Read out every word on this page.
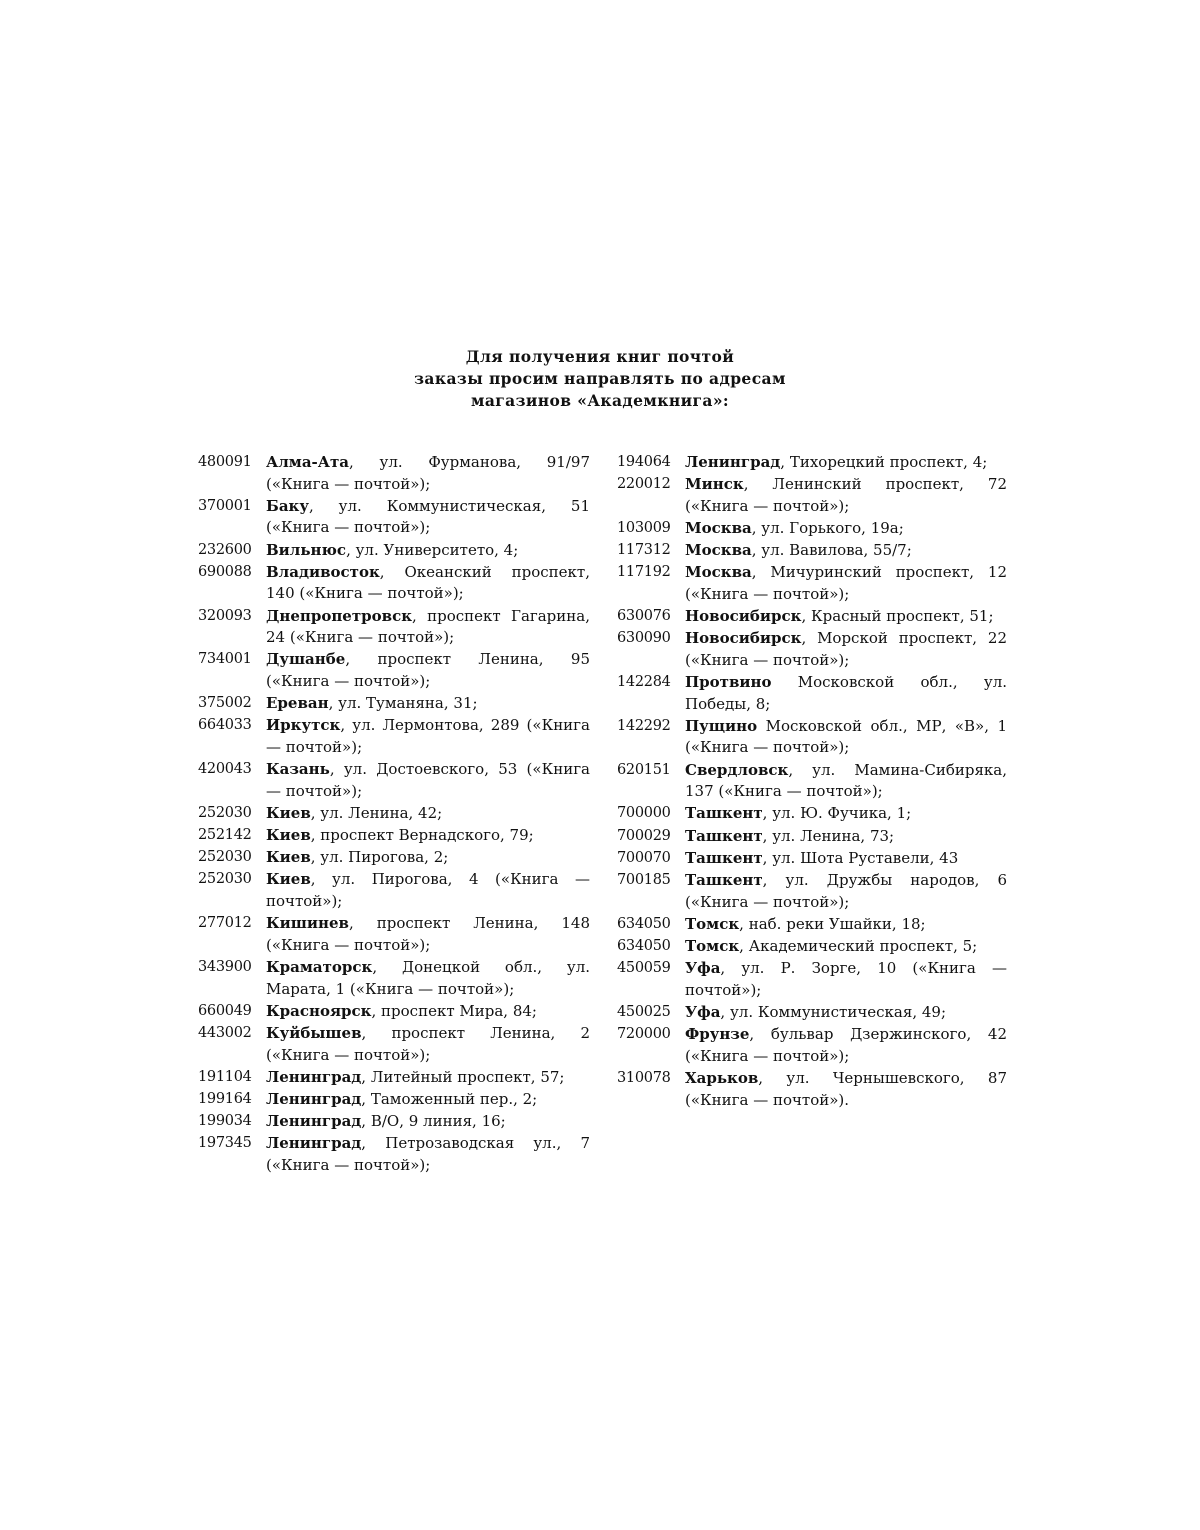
Для получения книг почтой
заказы просим направлять по адресам
магазинов «Академкнига»:
480091 Алма-Ата, ул. Фурманова, 91/97 («Книга — почтой»);
370001 Баку, ул. Коммунистическая, 51 («Книга — почтой»);
232600 Вильнюс, ул. Университето, 4;
690088 Владивосток, Океанский проспект, 140 («Книга — почтой»);
320093 Днепропетровск, проспект Гагарина, 24 («Книга — почтой»);
734001 Душанбе, проспект Ленина, 95 («Книга — почтой»);
375002 Ереван, ул. Туманяна, 31;
664033 Иркутск, ул. Лермонтова, 289 («Книга — почтой»);
420043 Казань, ул. Достоевского, 53 («Книга — почтой»);
252030 Киев, ул. Ленина, 42;
252142 Киев, проспект Вернадского, 79;
252030 Киев, ул. Пирогова, 2;
252030 Киев, ул. Пирогова, 4 («Книга — почтой»);
277012 Кишинев, проспект Ленина, 148 («Книга — почтой»);
343900 Краматорск, Донецкой обл., ул. Марата, 1 («Книга — почтой»);
660049 Красноярск, проспект Мира, 84;
443002 Куйбышев, проспект Ленина, 2 («Книга — почтой»);
191104 Ленинград, Литейный проспект, 57;
199164 Ленинград, Таможенный пер., 2;
199034 Ленинград, В/О, 9 линия, 16;
197345 Ленинград, Петрозаводская ул., 7 («Книга — почтой»);
194064 Ленинград, Тихорецкий проспект, 4;
220012 Минск, Ленинский проспект, 72 («Книга — почтой»);
103009 Москва, ул. Горького, 19а;
117312 Москва, ул. Вавилова, 55/7;
117192 Москва, Мичуринский проспект, 12 («Книга — почтой»);
630076 Новосибирск, Красный проспект, 51;
630090 Новосибирск, Морской проспект, 22 («Книга — почтой»);
142284 Протвино Московской обл., ул. Победы, 8;
142292 Пущино Московской обл., МР, «В», 1 («Книга — почтой»);
620151 Свердловск, ул. Мамина-Сибиряка, 137 («Книга — почтой»);
700000 Ташкент, ул. Ю. Фучика, 1;
700029 Ташкент, ул. Ленина, 73;
700070 Ташкент, ул. Шота Руставели, 43
700185 Ташкент, ул. Дружбы народов, 6 («Книга — почтой»);
634050 Томск, наб. реки Ушайки, 18;
634050 Томск, Академический проспект, 5;
450059 Уфа, ул. Р. Зорге, 10 («Книга — почтой»);
450025 Уфа, ул. Коммунистическая, 49;
720000 Фрунзе, бульвар Дзержинского, 42 («Книга — почтой»);
310078 Харьков, ул. Чернышевского, 87 («Книга — почтой»).
